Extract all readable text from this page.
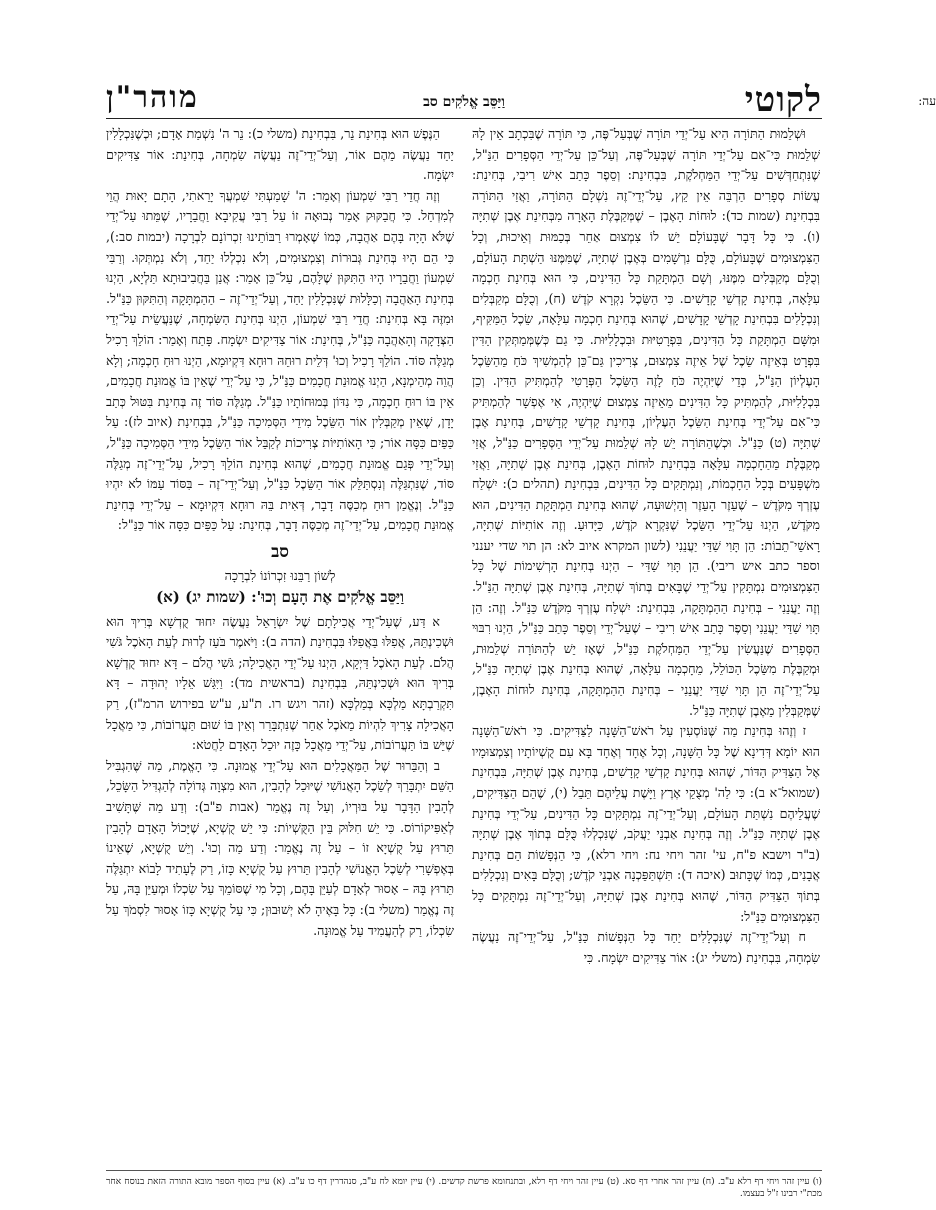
לקוטי	עה:
וַיַּסֵּב אֱלֹקִים סב
מוהר"ן

וּשְׁלֵמוּת הַתּוֹרָה הִיא עַל־יְדֵי תּוֹרָה שֶׁבְּעַל־פֶּה, כִּי תּוֹרָה שֶׁבִּכְתָב אֵין לָהּ שְׁלֵמוּת כִּי־אִם עַל־יְדֵי תּוֹרָה שֶׁבְּעַל־פֶּה, וְעַל־כֵּן עַל־יְדֵי הַסְּפָרִים הַנַּ"ל, שֶׁנִּתְחַדְּשִׁים עַל־יְדֵי הַמַּחְלֹקֶת, בִּבְחִינַת: וְסֵפֶר כָּתַב אִישׁ רִיבִי, בְּחִינַת: עֲשׂוֹת סְפָרִים הַרְבֵּה אֵין קֵץ, עַל־יְדֵי־זֶה נִשְׁלָם הַתּוֹרָה, וַאֲזַי הַתּוֹרָה בִּבְחִינַת (שמות כד): לוּחוֹת הָאֶבֶן – שֶׁמְּקַבֶּלֶת הָאָרָה מִבְּחִינַת אֶבֶן שְׁתִיָּה (ו). כִּי כָּל דָּבָר שֶׁבָּעוֹלָם יֵשׁ לוֹ צִמְצוּם אַחֵר בְּכַמּוּת וְאֵיכוּת, וְכָל הַצִּמְצוּמִים שֶׁבָּעוֹלָם, כֻּלָּם נִרְשָׁמִים בְּאֶבֶן שְׁתִיָּה, שֶׁמִּמֶּנּוּ הַשְׁתָּת הָעוֹלָם, וְכֻלָּם מְקַבְּלִים מִמֶּנּוּ, וְשָׁם הַמְתָּקַת כָּל הַדִּינִים, כִּי הוּא בְּחִינַת חָכְמָה עִלָּאָה, בְּחִינַת קָדְשֵׁי קָדָשִׁים. כִּי הַשֵּׂכֶל נִקְרָא קֹדֶשׁ (ח), וְכֻלָּם מְקַבְּלִים וְנִכְלָלִים בִּבְחִינַת קָדְשֵׁי קָדָשִׁים, שֶׁהוּא בְּחִינַת חָכְמָה עִלָּאָה, שֵׂכֶל הַמַּקִּיף, וּמִשָּׁם הַמְתָּקַת כָּל הַדִּינִים, בִּפְרָטִיּוּת וּבִכְלָלִיּוּת. כִּי גַם כְּשֶׁמְּמַתְּקִין הַדִּין בִּפְרָט בְּאֵיזֶה שֵׂכֶל שֶׁל אֵיזֶה צִמְצוּם, צְרִיכִין גַּם־כֵּן לְהַמְשִׁיךְ כֹּחַ מֵהַשֵּׂכֶל הָעֶלְיוֹן הַנַּ"ל, כְּדֵי שֶׁיִּהְיֶה כֹּחַ לָזֶה הַשֵּׂכֶל הַפְּרָטִי לְהַמְתִּיק הַדִּין. וְכֵן בִּכְלָלִיּוּת, לְהַמְתִּיק כָּל הַדִּינִים מֵאֵיזֶה צִמְצוּם שֶׁיִּהְיֶה, אִי אֶפְשָׁר לְהַמְתִּיק כִּי־אִם עַל־יְדֵי בְּחִינַת הַשֵּׂכֶל הָעֶלְיוֹן, בְּחִינַת קָדְשֵׁי קָדָשִׁים, בְּחִינַת אֶבֶן שְׁתִיָּה (ט) כַּנַּ"ל. וּכְשֶׁהַתּוֹרָה יֵשׁ לָהּ שְׁלֵמוּת עַל־יְדֵי הַסְּפָרִים כַּנַּ"ל, אֲזַי מְקַבֶּלֶת מֵהַחָכְמָה עִלָּאָה בִּבְחִינַת לוּחוֹת הָאֶבֶן, בְּחִינַת אֶבֶן שְׁתִיָּה, וַאֲזַי מִשְׁפָּעִים בְּכָל הַחָכְמוֹת, וְנִמְתָּקִים כָּל הַדִּינִים, בִּבְחִינַת (תהלים כ): יִשְׁלַח עֶזְרְךָ מִקֹּדֶשׁ – שֶׁעֵזֶר הָעֵזֶר וְהַיְשׁוּעָה, שֶׁהוּא בְּחִינַת הַמְתָּקַת הַדִּינִים, הוּא מִקֹּדֶשׁ, הַיְנוּ עַל־יְדֵי הַשֵּׂכֶל שֶׁנִּקְרָא קֹדֶשׁ, כַּיָּדוּעַ. וְזֶה אוֹתִיּוֹת שְׁתִיָּה, רָאשֵׁי־תֵבוֹת: הֵן תָּוִי שַׁדַּי יַעֲנֵנִי (לשון המקרא איוב לא: הן תוי שדי יענני וספר כתב איש ריבי). הֵן תָּוִי שַׁדַּי – הַיְנוּ בְּחִינַת הָרְשִׁימוֹת שֶׁל כָּל הַצִּמְצוּמִים נִמְתָּקִין עַל־יְדֵי שֶׁבָּאִים בְּתוֹךְ שְׁתִיָּה, בְּחִינַת אֶבֶן שְׁתִיָּה הַנַּ"ל. וְזֶה יַעֲנֵנִי – בְּחִינַת הַהַמְתָּקָה, בִּבְחִינַת: יִשְׁלַח עֶזְרְךָ מִקֹּדֶשׁ כַּנַּ"ל. וְזֶה: הֵן תָּוִי שַׁדַּי יַעֲנֵנִי וְסֵפֶר כָּתַב אִישׁ רִיבִי – שֶׁעַל־יְדֵי וְסֵפֶר כָּתַב כַּנַּ"ל, הַיְנוּ רִבּוּי הַסְּפָרִים שֶׁנַּעֲשִׂין עַל־יְדֵי הַמַּחְלֹקֶת כַּנַּ"ל, שֶׁאָז יֵשׁ לְהַתּוֹרָה שְׁלֵמוּת, וּמְקַבֶּלֶת מִשֵּׂכֶל הַכּוֹלֵל, מֵחָכְמָה עִלָּאָה, שֶׁהוּא בְּחִינַת אֶבֶן שְׁתִיָּה כַּנַּ"ל, עַל־יְדֵי־זֶה הֵן תָּוִי שַׁדַּי יַעֲנֵנִי – בְּחִינַת הַהַמְתָּקָה, בְּחִינַת לוּחוֹת הָאֶבֶן, שֶׁמְּקַבְּלִין מֵאֶבֶן שְׁתִיָּה כַּנַּ"ל.

ז וְזֶהוּ בְּחִינַת מַה שֶּׁנּוֹסְעִין עַל רֹאשׁ־הַשָּׁנָה לַצַּדִּיקִים. כִּי רֹאשׁ־הַשָּׁנָה הוּא יוֹמָא דְּדִינָא שֶׁל כָּל הַשָּׁנָה, וְכָל אֶחָד וְאֶחָד בָּא עִם קֻשְׁיוֹתָיו וְצִמְצוּמָיו אֶל הַצַּדִּיק הַדּוֹר, שֶׁהוּא בְּחִינַת קָדְשֵׁי קָדָשִׁים, בְּחִינַת אֶבֶן שְׁתִיָּה, בִּבְחִינַת (שמואל־א ב): כִּי לַה' מְצֻקֵי אֶרֶץ וַיָּשֶׁת עֲלֵיהֶם תֵּבֵל (י), שֶׁהֵם הַצַּדִּיקִים, שֶׁעֲלֵיהֶם נִשְׁתַּת הָעוֹלָם, וְעַל־יְדֵי־זֶה נִמְתָּקִים כָּל הַדִּינִים, עַל־יְדֵי בְּחִינַת אֶבֶן שְׁתִיָּה כַּנַּ"ל. וְזֶה בְּחִינַת אַבְנֵי יַעֲקֹב, שֶׁנִּכְלְלוּ כֻּלָּם בְּתוֹךְ אֶבֶן שְׁתִיָּה (ב"ר וישבא פ"ח, עי' זהר ויחי נח: ויחי רלא), כִּי הַנְּפָשׁוֹת הֵם בְּחִינַת אֲבָנִים, כְּמוֹ שֶׁכָּתוּב (איכה ד): תִּשְׁתַּפֵּכְנָה אַבְנֵי קֹדֶשׁ; וְכֻלָּם בָּאִים וְנִכְלָלִים בְּתוֹךְ הַצַּדִּיק הַדּוֹר, שֶׁהוּא בְּחִינַת אֶבֶן שְׁתִיָּה, וְעַל־יְדֵי־זֶה נִמְתָּקִים כָּל הַצִּמְצוּמִים כַּנַּ"ל:

ח וְעַל־יְדֵי־זֶה שֶׁנִּכְלָלִים יַחַד כָּל הַנְּפָשׁוֹת כַּנַּ"ל, עַל־יְדֵי־זֶה נַעֲשֶׂה שִׂמְחָה, בִּבְחִינַת (משלי יג): אוֹר צַדִּיקִים יִשְׂמָח. כִּי

הַנֶּפֶשׁ הוּא בְּחִינַת נֵר, בִּבְחִינַת (משלי כ): נֵר ה' נִשְׁמַת אָדָם; וּכְשֶׁנִּכְלָלִין יַחַד נַעֲשֶׂה מֵהֶם אוֹר, וְעַל־יְדֵי־זֶה נַעֲשֶׂה שִׂמְחָה, בְּחִינַת: אוֹר צַדִּיקִים יִשְׂמָח.

וְזֶה חֲדֵי רַבִּי שִׁמְעוֹן וְאָמַר: ה' שָׁמַעְתִּי שִׁמְעֲךָ יָרֵאתִי, הָתָם יָאוּת הֲוֵי לְמִדְחַל. כִּי חֲבַקּוּק אָמַר נְבוּאָה זוֹ עַל רַבִּי עֲקִיבָא וַחֲבֵרָיו, שֶׁמֵּתוּ עַל־יְדֵי שֶׁלֹּא הָיָה בָּהֶם אַהֲבָה, כְּמוֹ שֶׁאָמְרוּ רַבּוֹתֵינוּ זִכְרוֹנָם לִבְרָכָה (יבמות סב:), כִּי הֵם הָיוּ בְּחִינַת גְּבוּרוֹת וְצִמְצוּמִים, וְלֹא נִכְלְלוּ יַחַד, וְלֹא נִמְתְּקוּ. וְרַבִּי שִׁמְעוֹן וַחֲבֵרָיו הָיוּ הַתִּקּוּן שֶׁלָּהֶם, עַל־כֵּן אָמַר: אֲנַן בַּחֲבִיבוּתָא תַּלְיָא, הַיְנוּ בְּחִינַת הָאַהֲבָה וְכַלָּלוּת שֶׁנִּכְלָלִין יַחַד, וְעַל־יְדֵי־זֶה – הַהַמְתָּקָה וְהַתִּקּוּן כַּנַּ"ל. וּמִזֶּה בָּא בְּחִינַת: חֲדֵי רַבִּי שִׁמְעוֹן, הַיְנוּ בְּחִינַת הַשִּׂמְחָה, שֶׁנַּעֲשֵׂית עַל־יְדֵי הַצְּדָקָה וְהָאַהֲבָה כַּנַּ"ל, בְּחִינַת: אוֹר צַדִּיקִים יִשְׂמָח. פָּתַח וְאָמַר: הוֹלֵךְ רָכִיל מְגַלֶּה סּוֹד. הוֹלֵךְ רָכִיל וְכוּ' דְּלֵית רוּחֵהּ רוּחָא דִּקְיוּמָא, הַיְנוּ רוּחַ חָכְמָה; וְלָא הֲוֵה מְהֵימְנָא, הַיְנוּ אֱמוּנַת חֲכָמִים כַּנַּ"ל, כִּי עַל־יְדֵי שֶׁאֵין בּוֹ אֱמוּנַת חֲכָמִים, אֵין בּוֹ רוּחַ חָכְמָה, כִּי נִדּוֹן בְּמוּחוֹתָיו כַּנַּ"ל. מְגַלֶּה סּוֹד זֶה בְּחִינַת בִּטּוּל כְּתַב יָדָן, שֶׁאֵין מְקַבְּלִין אוֹר הַשֵּׂכֶל מִידֵי הַסְּמִיכָה כַּנַּ"ל, בִּבְחִינַת (איוב לז): עַל כַּפַּיִם כִּסָּה אוֹר; כִּי הָאוֹתִיּוֹת צְרִיכוֹת לְקַבֵּל אוֹר הַשֵּׂכֶל מִידֵי הַסְּמִיכָה כַּנַּ"ל, וְעַל־יְדֵי פְּגַם אֱמוּנַת חֲכָמִים, שֶׁהוּא בְּחִינַת הוֹלֵךְ רָכִיל, עַל־יְדֵי־זֶה מְגַלֶּה סּוֹד, שֶׁנִּתְגַּלֶּה וְנִסְתַּלֵּק אוֹר הַשֵּׂכֶל כַּנַּ"ל, וְעַל־יְדֵי־זֶה – בִּסּוֹד עַמּוֹ לֹא יִהְיוּ כַּנַּ"ל. וְנֶאֱמַן רוּחַ מְכַסֶּה דָבָר, דְּאִית בֵּהּ רוּחָא דִּקְיוּמָא – עַל־יְדֵי בְּחִינַת אֱמוּנַת חֲכָמִים, עַל־יְדֵי־זֶה מְכַסֶּה דָבָר, בְּחִינַת: עַל כַּפַּיִם כִּסָּה אוֹר כַּנַּ"ל:

סב
לְשׁוֹן רַבֵּנוּ זִכְרוֹנוֹ לִבְרָכָה
וַיַּסֵּב אֱלֹקִים אֶת הָעָם וְכוּ': (שמות יג) (א)

א דַּע, שֶׁעַל־יְדֵי אֲכִילָתָם שֶׁל יִשְׂרָאֵל נַעֲשֶׂה יִחוּד קֻדְשָׁא בְּרִיךְ הוּא וּשְׁכִינְתֵּהּ, אֲפִלּוּ בַּאֲפִלּוּ בִּבְחִינַת (הדה ב): וַיֹּאמֶר בֹּעַז לְרוּת לְעֵת הָאֹכֶל גֹּשִׁי הֲלֹם. לְעֵת הָאֹכֶל דַּיְקָא, הַיְנוּ עַל־יְדֵי הָאֲכִילָה; גֹּשִׁי הֲלֹם – דָּא יִחוּד קֻדְשָׁא בְּרִיךְ הוּא וּשְׁכִינְתֵּהּ, בִּבְחִינַת (בראשית מד): וַיִּגַּשׁ אֵלָיו יְהוּדָה – דָּא תִּקְרַבְתָּא מַלְכָּא בְּמַלְכָּא (זהר ויגש רו. ת"ע, ע"ש בפירוש הרמ"ז), רַק הָאֲכִילָה צָרִיךְ לִהְיוֹת מֵאֹכֶל אַחֵר שֶׁנִּתְבָּרֵר וְאֵין בּוֹ שׁוּם תַּעֲרוֹבוֹת, כִּי מַאֲכָל שֶׁיֵּשׁ בּוֹ תַּעֲרוֹבוֹת, עַל־יְדֵי מַאֲכָל כָּזֶה יוּכַל הָאָדָם לַחֲטֹא:

ב וְהַבֵּרוּר שֶׁל הַמַּאֲכָלִים הוּא עַל־יְדֵי אֱמוּנָה. כִּי הָאֱמֶת, מַה שֶּׁהִגְבִּיל הַשֵּׁם יִתְבָּרַךְ לְשֵׂכֶל הָאֲנוֹשִׁי שֶׁיּוּכַל לְהָבִין, הוּא מִצְוָה גְּדוֹלָה לְהַגְדִּיל הַשָּׂכֵל, לְהָבִין הַדָּבָר עַל בּוּרְיוֹ, וְעַל זֶה נֶאֱמַר (אבות פ"ב): וְדַע מַה שֶּׁתָּשִׁיב לְאַפִּיקוֹרוֹס. כִּי יֵשׁ חִלּוּק בֵּין הַקֻּשְׁיוֹת: כִּי יֵשׁ קֻשְׁיָא, שֶׁיָּכוֹל הָאָדָם לְהָבִין תֵּרוּץ עַל קֻשְׁיָא זוֹ – עַל זֶה נֶאֱמַר: וְדַע מַה וְכוּ'. וְיֵשׁ קֻשְׁיָא, שֶׁאֵינוֹ בְּאֶפְשָׁרִי לְשֵׂכֶל הָאֱנוֹשִׁי לְהָבִין תֵּרוּץ עַל קֻשְׁיָא כָּזוֹ, רַק לֶעָתִיד לָבוֹא יִתְגַּלֶּה תֵּרוּץ בָּהּ – אָסוּר לְאָדָם לְעַיֵּן בָּהֶם, וְכָל מִי שֶׁסּוֹמֵךְ עַל שִׂכְלוֹ וּמְעַיֵּן בָּהּ, עַל זֶה נֶאֱמַר (משלי ב): כָּל בָּאֶיהָ לֹא יְשׁוּבוּן; כִּי עַל קֻשְׁיָא כָּזוֹ אָסוּר לִסְמֹךְ עַל שִׂכְלוֹ, רַק לְהַעֲמִיד עַל אֱמוּנָה.

(ו) עיין זהר ויחי דף רלא ע"ב. (ח) עיין זהר אחרי דף סא. (ט) עיין זהר ויחי דף רלא, ובתנחומא פרשת קדשים. (י) עיין יומא לח ע"ב, סנהדרין דף כו ע"ב. (א) עיין בסוף הספר מובא התורה הזאת בנוסח אחר מכת"י רבינו ז"ל בעצמו.
